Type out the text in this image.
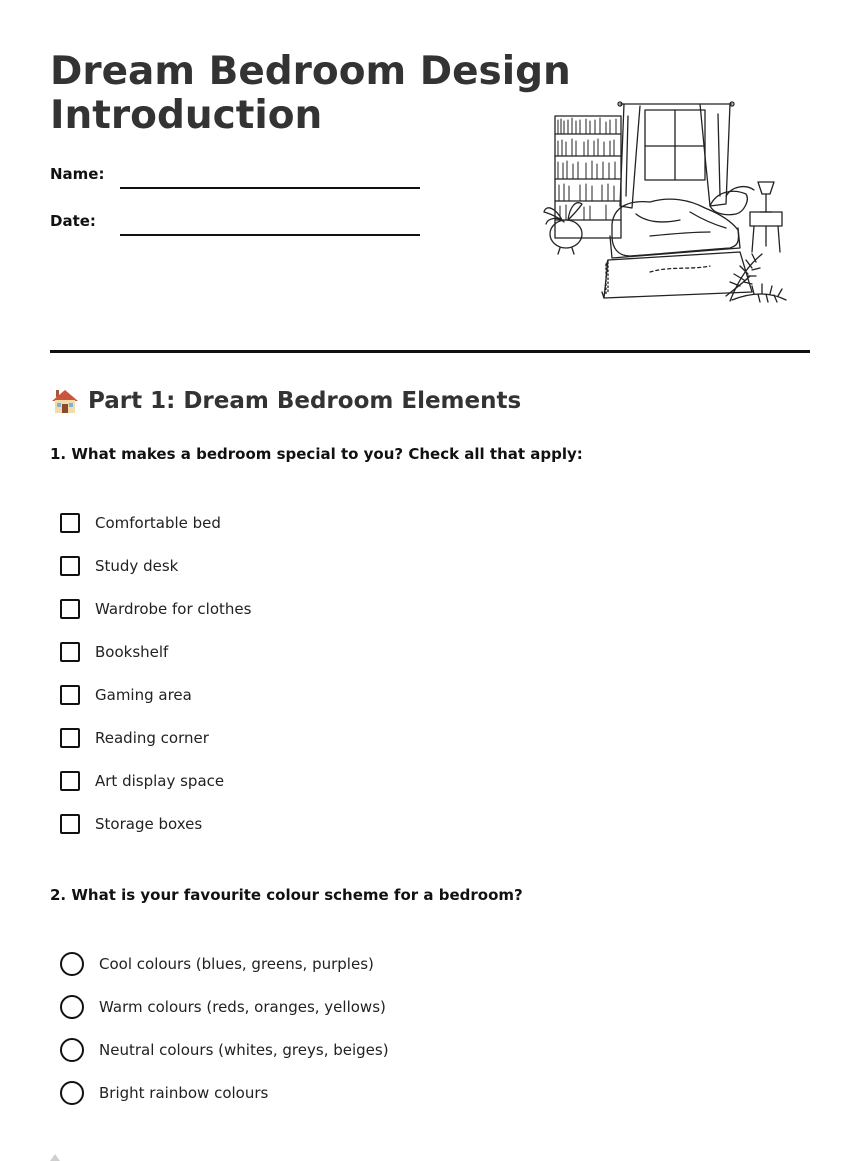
Dream Bedroom Design
Introduction
Name:
Date:
Part 1: Dream Bedroom Elements
1. What makes a bedroom special to you? Check all that apply:
Comfortable bed
Study desk
Wardrobe for clothes
Bookshelf
Gaming area
Reading corner
Art display space
Storage boxes
2. What is your favourite colour scheme for a bedroom?
Cool colours (blues, greens, purples)
Warm colours (reds, oranges, yellows)
Neutral colours (whites, greys, beiges)
Bright rainbow colours
